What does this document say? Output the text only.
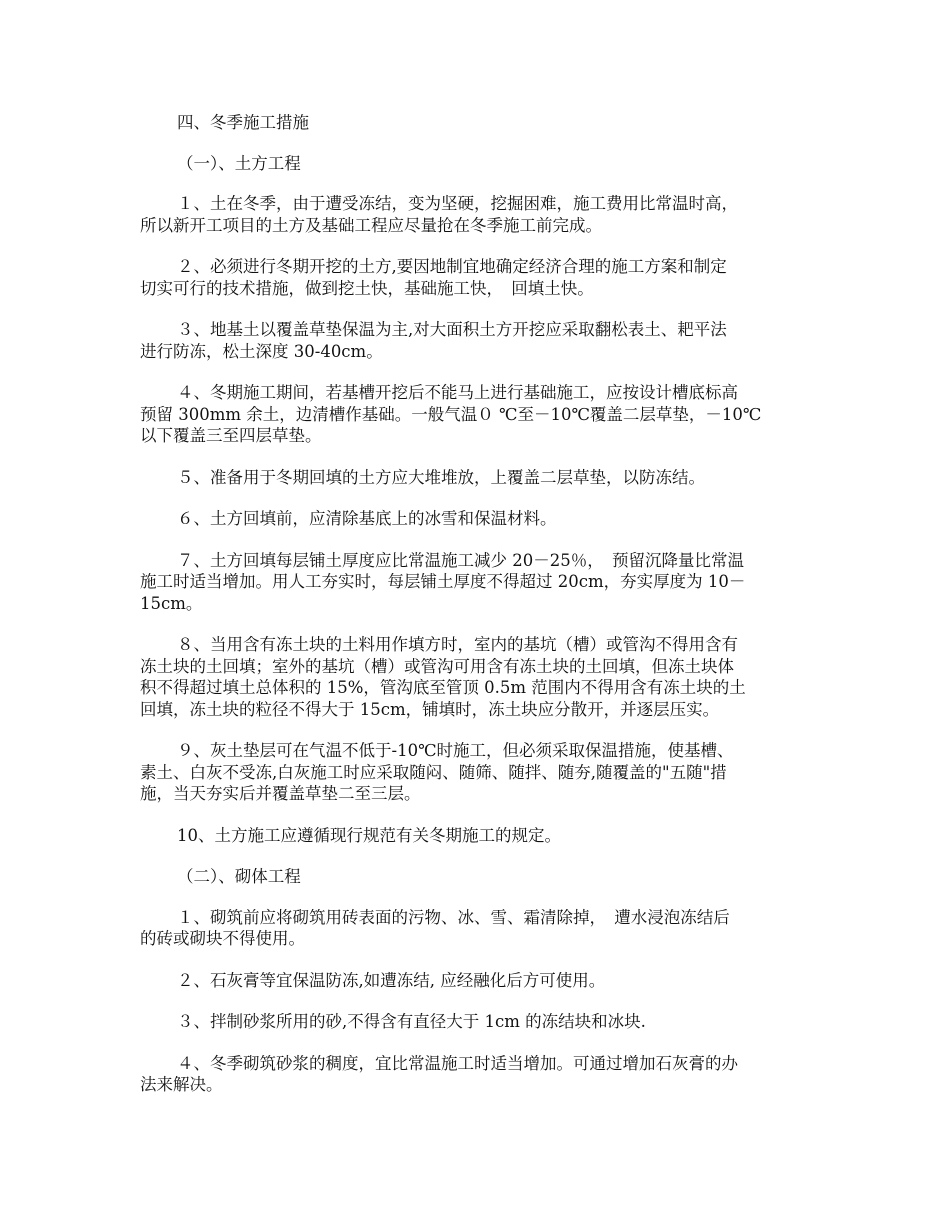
四、冬季施工措施
（一）、土方工程

１、土在冬季，由于遭受冻结，变为坚硬，挖掘困难，施工费用比常温时高，
所以新开工项目的土方及基础工程应尽量抢在冬季施工前完成。

２、必须进行冬期开挖的土方,要因地制宜地确定经济合理的施工方案和制定
切实可行的技术措施，做到挖土快，基础施工快，　回填土快。

３、地基土以覆盖草垫保温为主,对大面积土方开挖应采取翻松表土、耙平法
进行防冻，松土深度 30-40cm。

４、冬期施工期间，若基槽开挖后不能马上进行基础施工，应按设计槽底标高
预留 300mm 余土，边清槽作基础。一般气温０ ℃至－10℃覆盖二层草垫，－10℃
以下覆盖三至四层草垫。

５、准备用于冬期回填的土方应大堆堆放，上覆盖二层草垫，以防冻结。

６、土方回填前，应清除基底上的冰雪和保温材料。

７、土方回填每层铺土厚度应比常温施工减少 20－25％，　预留沉降量比常温
施工时适当增加。用人工夯实时，每层铺土厚度不得超过 20cm，夯实厚度为 10－
15cm。

８、当用含有冻土块的土料用作填方时，室内的基坑（槽）或管沟不得用含有
冻土块的土回填；室外的基坑（槽）或管沟可用含有冻土块的土回填，但冻土块体
积不得超过填土总体积的 15%，管沟底至管顶 0.5m 范围内不得用含有冻土块的土
回填，冻土块的粒径不得大于 15cm，铺填时，冻土块应分散开，并逐层压实。

９、灰土垫层可在气温不低于-10℃时施工，但必须采取保温措施，使基槽、
素土、白灰不受冻,白灰施工时应采取随闷、随筛、随拌、随夯,随覆盖的"五随"措
施，当天夯实后并覆盖草垫二至三层。

10、土方施工应遵循现行规范有关冬期施工的规定。

（二）、砌体工程

１、砌筑前应将砌筑用砖表面的污物、冰、雪、霜清除掉，　遭水浸泡冻结后
的砖或砌块不得使用。

２、石灰膏等宜保温防冻,如遭冻结, 应经融化后方可使用。

３、拌制砂浆所用的砂,不得含有直径大于 1cm 的冻结块和冰块.

４、冬季砌筑砂浆的稠度，宜比常温施工时适当增加。可通过增加石灰膏的办
法来解决。
